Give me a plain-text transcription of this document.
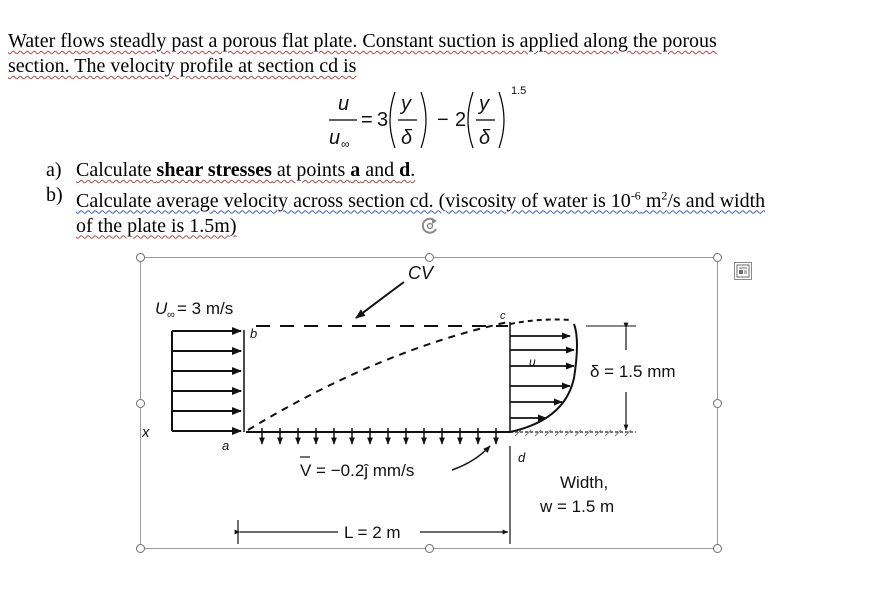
Water flows steadly past a porous flat plate. Constant suction is applied along the porous
section. The velocity profile at section cd is
u
u ∞
= 3
y
δ
− 2
y
δ
1.5
a) Calculate shear stresses at points a and d.
b) Calculate average velocity across section cd. (viscosity of water is $10^{-6}$ $m^2/s$ and width
of the plate is 1.5m)
U ∞ = 3 m/s
b
a
x
CV
c
d
u	δ = 1.5 mm
V = −0.2ĵ mm/s
Width,
w = 1.5 m
L = 2 m
